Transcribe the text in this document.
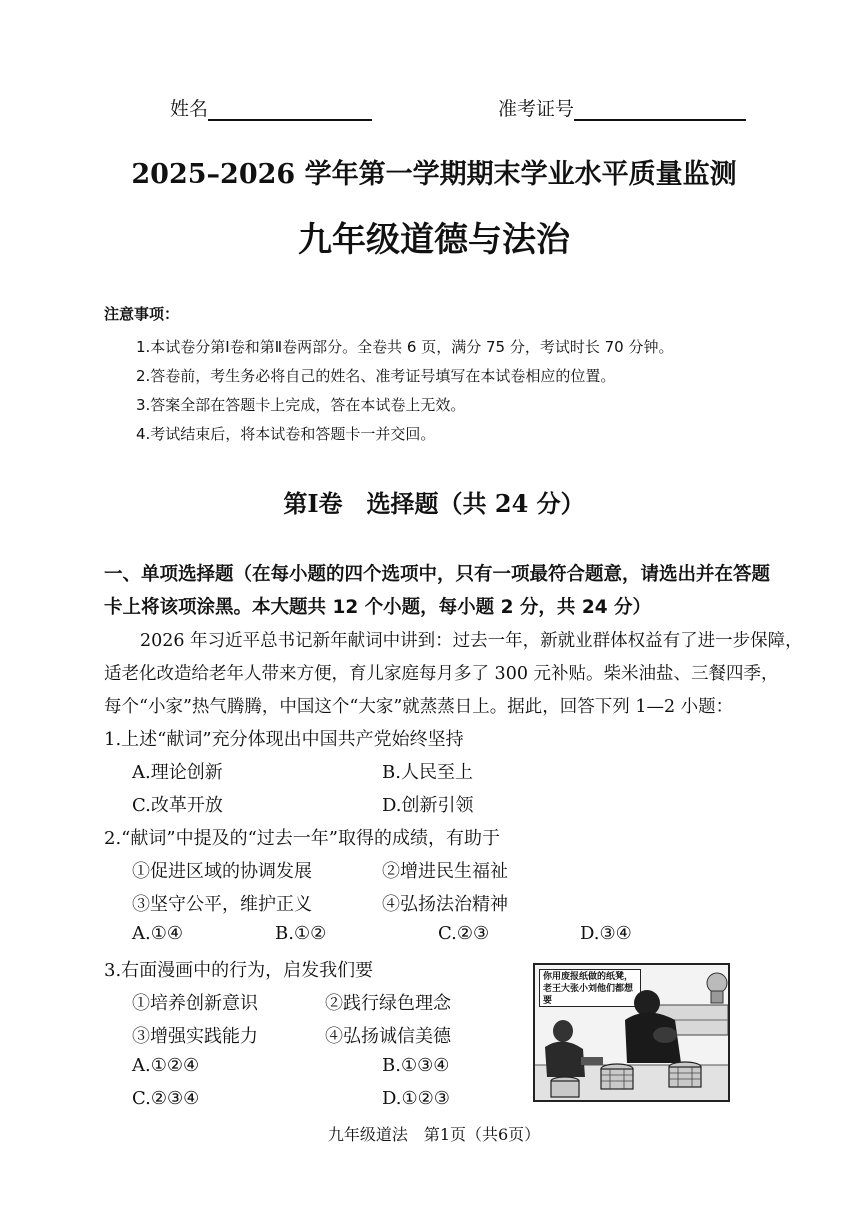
姓名	准考证号
2025–2026 学年第一学期期末学业水平质量监测
九年级道德与法治
注意事项：
1.本试卷分第Ⅰ卷和第Ⅱ卷两部分。全卷共 6 页，满分 75 分，考试时长 70 分钟。
2.答卷前，考生务必将自己的姓名、准考证号填写在本试卷相应的位置。
3.答案全部在答题卡上完成，答在本试卷上无效。
4.考试结束后，将本试卷和答题卡一并交回。
第Ⅰ卷　选择题（共 24 分）
一、单项选择题（在每小题的四个选项中，只有一项最符合题意，请选出并在答题
卡上将该项涂黑。本大题共 12 个小题，每小题 2 分，共 24 分）
2026 年习近平总书记新年献词中讲到：过去一年，新就业群体权益有了进一步保障，
适老化改造给老年人带来方便，育儿家庭每月多了 300 元补贴。柴米油盐、三餐四季，
每个“小家”热气腾腾，中国这个“大家”就蒸蒸日上。据此，回答下列 1—2 小题：
1.上述“献词”充分体现出中国共产党始终坚持
A.理论创新	B.人民至上
C.改革开放	D.创新引领
2.“献词”中提及的“过去一年”取得的成绩，有助于
①促进区域的协调发展	②增进民生福祉
③坚守公平，维护正义	④弘扬法治精神
A.①④	B.①②	C.②③	D.③④
3.右面漫画中的行为，启发我们要
①培养创新意识	②践行绿色理念
③增强实践能力	④弘扬诚信美德
A.①②④	B.①③④
C.②③④	D.①②③
你用废报纸做的纸凳，老王大张小刘他们都想要
九年级道法　第1页（共6页）
